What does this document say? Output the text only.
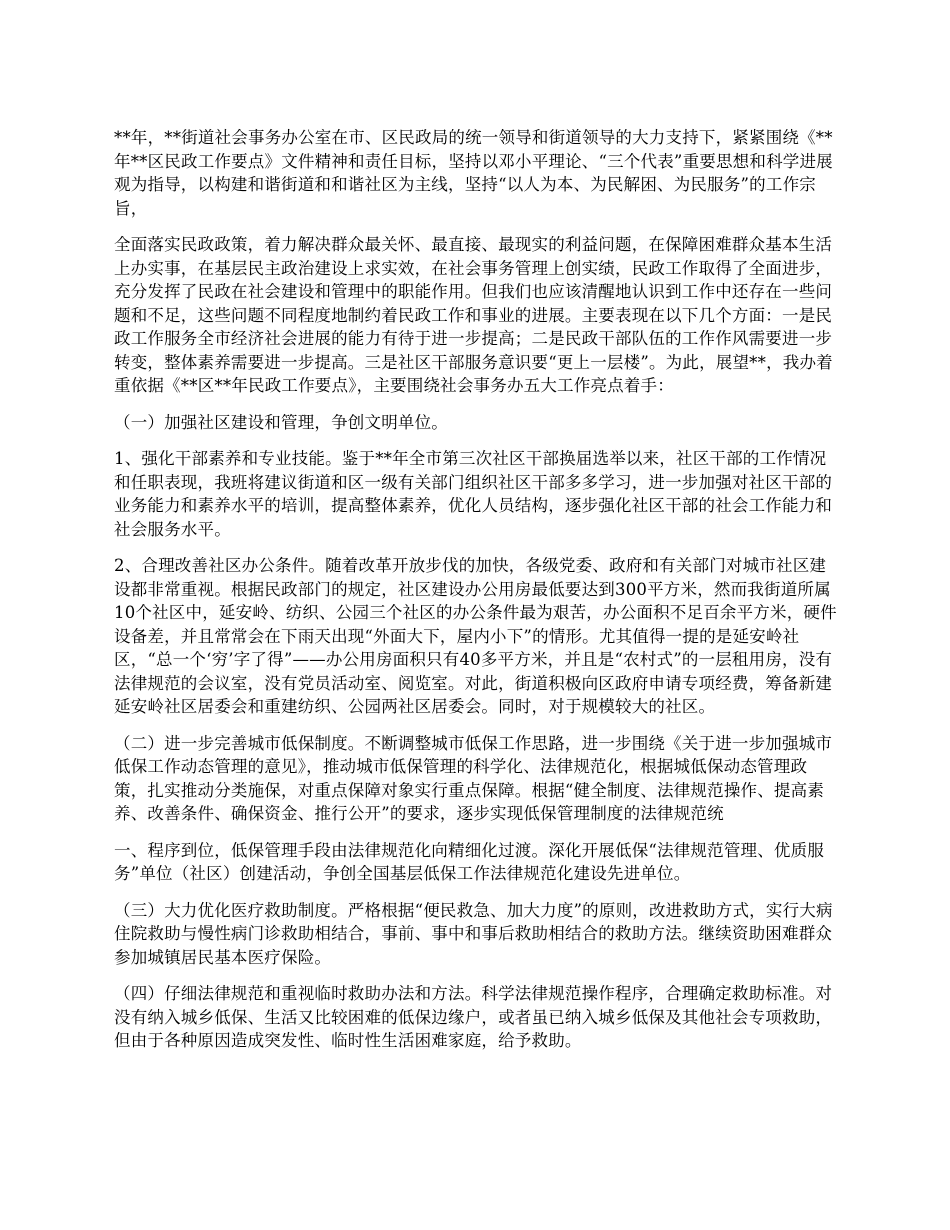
**年，**街道社会事务办公室在市、区民政局的统一领导和街道领导的大力支持下，紧紧围绕《**年**区民政工作要点》文件精神和责任目标，坚持以邓小平理论、“三个代表”重要思想和科学进展观为指导，以构建和谐街道和和谐社区为主线，坚持“以人为本、为民解困、为民服务”的工作宗旨，

全面落实民政政策，着力解决群众最关怀、最直接、最现实的利益问题，在保障困难群众基本生活上办实事，在基层民主政治建设上求实效，在社会事务管理上创实绩，民政工作取得了全面进步，充分发挥了民政在社会建设和管理中的职能作用。但我们也应该清醒地认识到工作中还存在一些问题和不足，这些问题不同程度地制约着民政工作和事业的进展。主要表现在以下几个方面：一是民政工作服务全市经济社会进展的能力有待于进一步提高；二是民政干部队伍的工作作风需要进一步转变，整体素养需要进一步提高。三是社区干部服务意识要“更上一层楼”。为此，展望**，我办着重依据《**区**年民政工作要点》，主要围绕社会事务办五大工作亮点着手：

（一）加强社区建设和管理，争创文明单位。

1、强化干部素养和专业技能。鉴于**年全市第三次社区干部换届选举以来，社区干部的工作情况和任职表现，我班将建议街道和区一级有关部门组织社区干部多多学习，进一步加强对社区干部的业务能力和素养水平的培训，提高整体素养，优化人员结构，逐步强化社区干部的社会工作能力和社会服务水平。

2、合理改善社区办公条件。随着改革开放步伐的加快，各级党委、政府和有关部门对城市社区建设都非常重视。根据民政部门的规定，社区建设办公用房最低要达到300平方米，然而我街道所属10个社区中，延安岭、纺织、公园三个社区的办公条件最为艰苦，办公面积不足百余平方米，硬件设备差，并且常常会在下雨天出现“外面大下，屋内小下”的情形。尤其值得一提的是延安岭社区，“总一个‘穷’字了得”——办公用房面积只有40多平方米，并且是“农村式”的一层租用房，没有法律规范的会议室，没有党员活动室、阅览室。对此，街道积极向区政府申请专项经费，筹备新建延安岭社区居委会和重建纺织、公园两社区居委会。同时，对于规模较大的社区。

（二）进一步完善城市低保制度。不断调整城市低保工作思路，进一步围绕《关于进一步加强城市低保工作动态管理的意见》，推动城市低保管理的科学化、法律规范化，根据城低保动态管理政策，扎实推动分类施保，对重点保障对象实行重点保障。根据“健全制度、法律规范操作、提高素养、改善条件、确保资金、推行公开”的要求，逐步实现低保管理制度的法律规范统

一、程序到位，低保管理手段由法律规范化向精细化过渡。深化开展低保“法律规范管理、优质服务”单位（社区）创建活动，争创全国基层低保工作法律规范化建设先进单位。

（三）大力优化医疗救助制度。严格根据“便民救急、加大力度”的原则，改进救助方式，实行大病住院救助与慢性病门诊救助相结合，事前、事中和事后救助相结合的救助方法。继续资助困难群众参加城镇居民基本医疗保险。

（四）仔细法律规范和重视临时救助办法和方法。科学法律规范操作程序，合理确定救助标准。对没有纳入城乡低保、生活又比较困难的低保边缘户，或者虽已纳入城乡低保及其他社会专项救助，但由于各种原因造成突发性、临时性生活困难家庭，给予救助。
